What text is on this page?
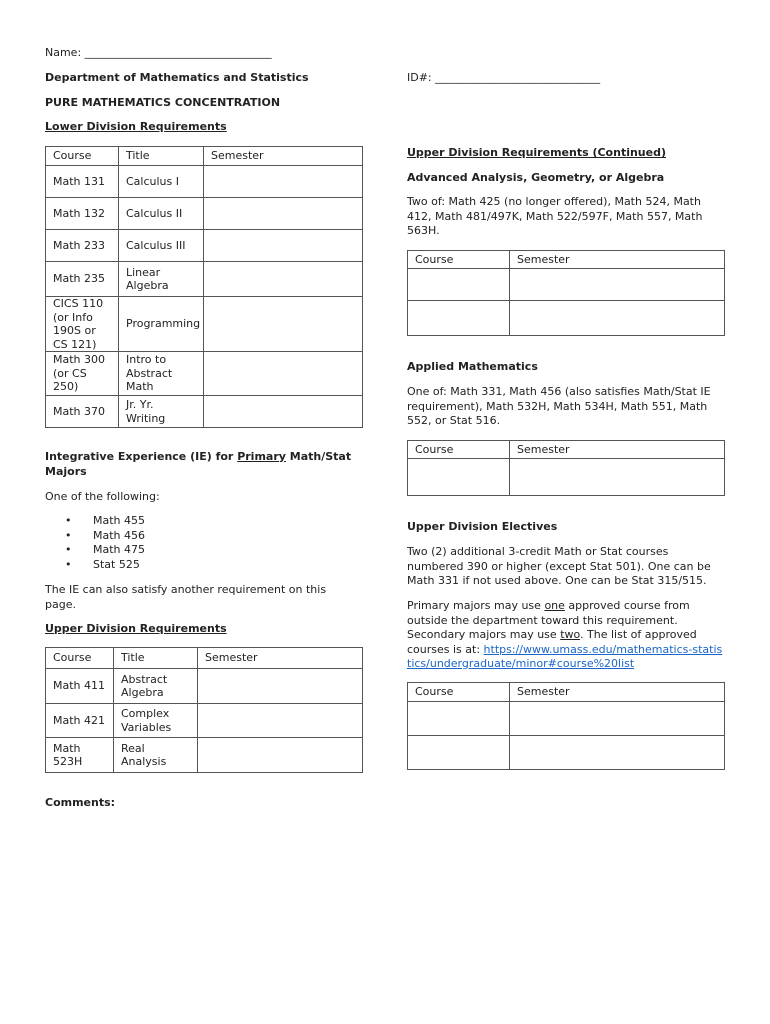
Name: __________________________________

Department of Mathematics and Statistics	ID#: ______________________________

PURE MATHEMATICS CONCENTRATION

Lower Division Requirements

Course	Title	Semester
Math 131	Calculus I	
Math 132	Calculus II	
Math 233	Calculus III	
Math 235	Linear Algebra	
CICS 110 (or Info 190S or CS 121)	Programming	
Math 300 (or CS 250)	Intro to Abstract Math	
Math 370	Jr. Yr. Writing	

Integrative Experience (IE) for Primary Math/Stat Majors

One of the following:

• Math 455
• Math 456
• Math 475
• Stat 525

The IE can also satisfy another requirement on this page.

Upper Division Requirements

Course	Title	Semester
Math 411	Abstract Algebra	
Math 421	Complex Variables	
Math 523H	Real Analysis	

Comments:

Upper Division Requirements (Continued)

Advanced Analysis, Geometry, or Algebra

Two of: Math 425 (no longer offered), Math 524, Math 412, Math 481/497K, Math 522/597F, Math 557, Math 563H.

Course	Semester

Applied Mathematics

One of: Math 331, Math 456 (also satisfies Math/Stat IE requirement), Math 532H, Math 534H, Math 551, Math 552, or Stat 516.

Course	Semester

Upper Division Electives

Two (2) additional 3-credit Math or Stat courses numbered 390 or higher (except Stat 501). One can be Math 331 if not used above. One can be Stat 315/515.

Primary majors may use one approved course from outside the department toward this requirement. Secondary majors may use two. The list of approved courses is at: https://www.umass.edu/mathematics-statistics/undergraduate/minor#course%20list

Course	Semester
